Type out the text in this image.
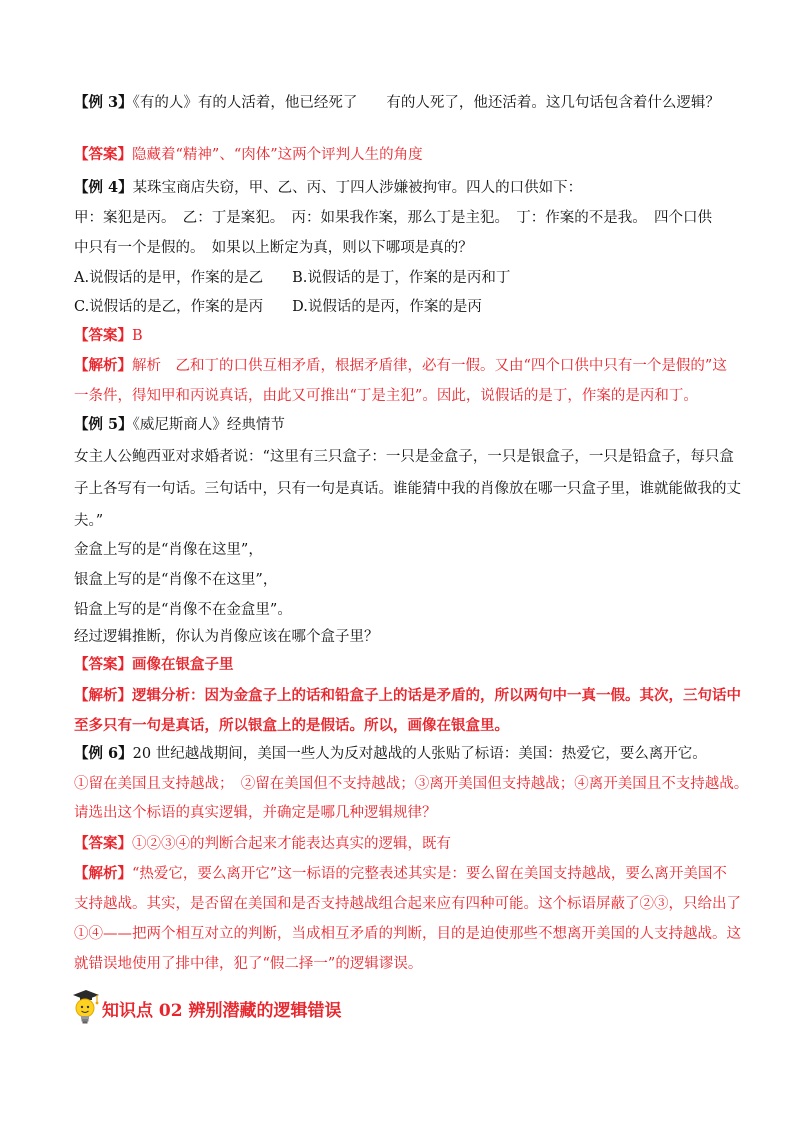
【例 3】《有的人》有的人活着，他已经死了　　有的人死了，他还活着。这几句话包含着什么逻辑？
【答案】隐藏着“精神”、“肉体”这两个评判人生的角度
【例 4】某珠宝商店失窃，甲、乙、丙、丁四人涉嫌被拘审。四人的口供如下：
甲：案犯是丙。　乙：丁是案犯。　丙：如果我作案，那么丁是主犯。　丁：作案的不是我。　四个口供
中只有一个是假的。　如果以上断定为真，则以下哪项是真的？
A.说假话的是甲，作案的是乙　　B.说假话的是丁，作案的是丙和丁
C.说假话的是乙，作案的是丙　　D.说假话的是丙，作案的是丙
【答案】B
【解析】解析　乙和丁的口供互相矛盾，根据矛盾律，必有一假。又由“四个口供中只有一个是假的”这
一条件，得知甲和丙说真话，由此又可推出“丁是主犯”。因此，说假话的是丁，作案的是丙和丁。
【例 5】《威尼斯商人》经典情节
女主人公鲍西亚对求婚者说：“这里有三只盒子：一只是金盒子，一只是银盒子，一只是铅盒子，每只盒
子上各写有一句话。三句话中，只有一句是真话。谁能猜中我的肖像放在哪一只盒子里，谁就能做我的丈
夫。”
金盒上写的是“肖像在这里”，
银盒上写的是“肖像不在这里”，
铅盒上写的是“肖像不在金盒里”。
经过逻辑推断，你认为肖像应该在哪个盒子里？
【答案】画像在银盒子里
【解析】逻辑分析：因为金盒子上的话和铅盒子上的话是矛盾的，所以两句中一真一假。其次，三句话中
至多只有一句是真话，所以银盒上的是假话。所以，画像在银盒里。
【例 6】20 世纪越战期间，美国一些人为反对越战的人张贴了标语：美国：热爱它，要么离开它。
①留在美国且支持越战；　②留在美国但不支持越战；③离开美国但支持越战；④离开美国且不支持越战。
请选出这个标语的真实逻辑，并确定是哪几种逻辑规律？
【答案】①②③④的判断合起来才能表达真实的逻辑，既有
【解析】“热爱它，要么离开它”这一标语的完整表述其实是：要么留在美国支持越战，要么离开美国不
支持越战。其实，是否留在美国和是否支持越战组合起来应有四种可能。这个标语屏蔽了②③，只给出了
①④——把两个相互对立的判断，当成相互矛盾的判断，目的是迫使那些不想离开美国的人支持越战。这
就错误地使用了排中律，犯了“假二择一”的逻辑谬误。
知识点 02 辨别潜藏的逻辑错误
